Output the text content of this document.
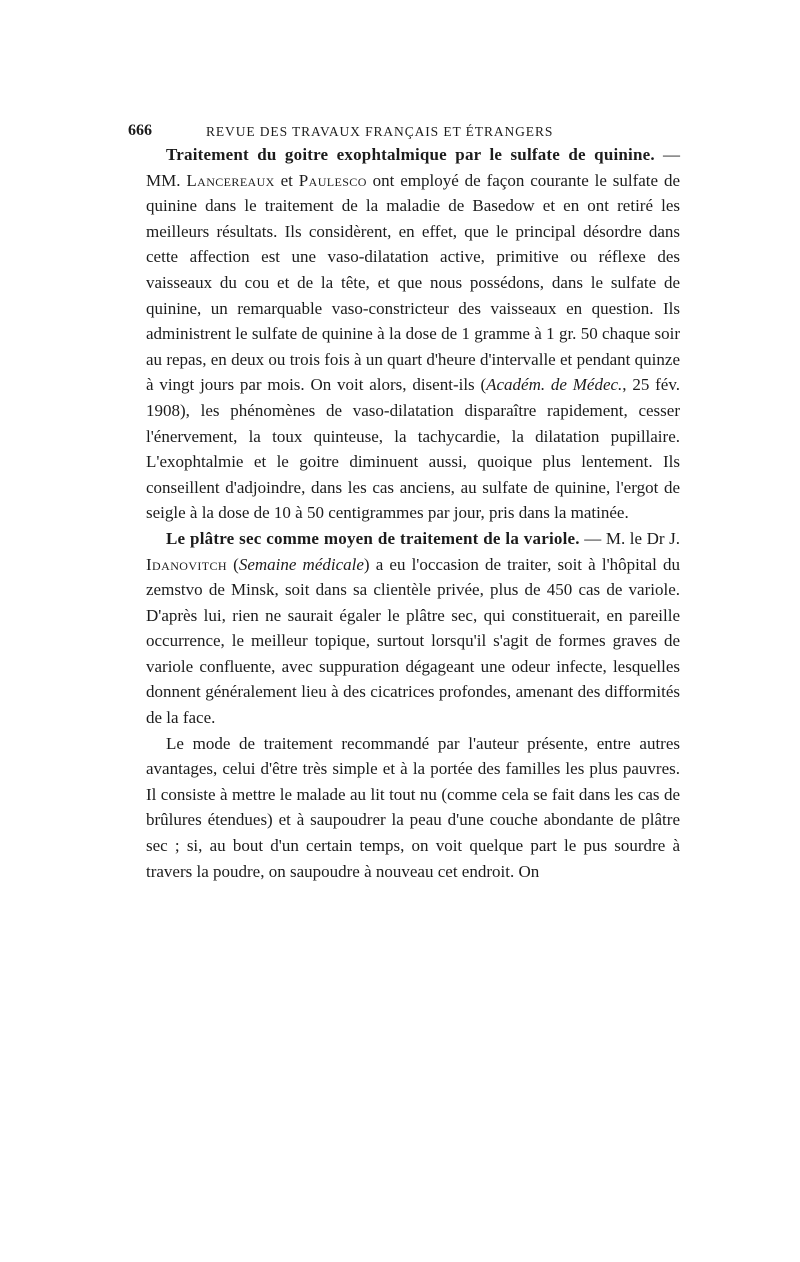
666	REVUE DES TRAVAUX FRANÇAIS ET ÉTRANGERS

Traitement du goitre exophtalmique par le sulfate de quinine. — MM. Lancereaux et Paulesco ont employé de façon courante le sulfate de quinine dans le traitement de la maladie de Basedow et en ont retiré les meilleurs résultats. Ils considèrent, en effet, que le principal désordre dans cette affection est une vaso-dilatation active, primitive ou réflexe des vaisseaux du cou et de la tête, et que nous possédons, dans le sulfate de quinine, un remarquable vaso-constricteur des vaisseaux en question. Ils administrent le sulfate de quinine à la dose de 1 gramme à 1 gr. 50 chaque soir au repas, en deux ou trois fois à un quart d'heure d'intervalle et pendant quinze à vingt jours par mois. On voit alors, disent-ils (Académ. de Médec., 25 fév. 1908), les phénomènes de vaso-dilatation disparaître rapidement, cesser l'énervement, la toux quinteuse, la tachycardie, la dilatation pupillaire. L'exophtalmie et le goitre diminuent aussi, quoique plus lentement. Ils conseillent d'adjoindre, dans les cas anciens, au sulfate de quinine, l'ergot de seigle à la dose de 10 à 50 centigrammes par jour, pris dans la matinée.

Le plâtre sec comme moyen de traitement de la variole. — M. le Dr J. Idanovitch (Semaine médicale) a eu l'occasion de traiter, soit à l'hôpital du zemstvo de Minsk, soit dans sa clientèle privée, plus de 450 cas de variole. D'après lui, rien ne saurait égaler le plâtre sec, qui constituerait, en pareille occurrence, le meilleur topique, surtout lorsqu'il s'agit de formes graves de variole confluente, avec suppuration dégageant une odeur infecte, lesquelles donnent généralement lieu à des cicatrices profondes, amenant des difformités de la face.

Le mode de traitement recommandé par l'auteur présente, entre autres avantages, celui d'être très simple et à la portée des familles les plus pauvres. Il consiste à mettre le malade au lit tout nu (comme cela se fait dans les cas de brûlures étendues) et à saupoudrer la peau d'une couche abondante de plâtre sec ; si, au bout d'un certain temps, on voit quelque part le pus sourdre à travers la poudre, on saupoudre à nouveau cet endroit. On
